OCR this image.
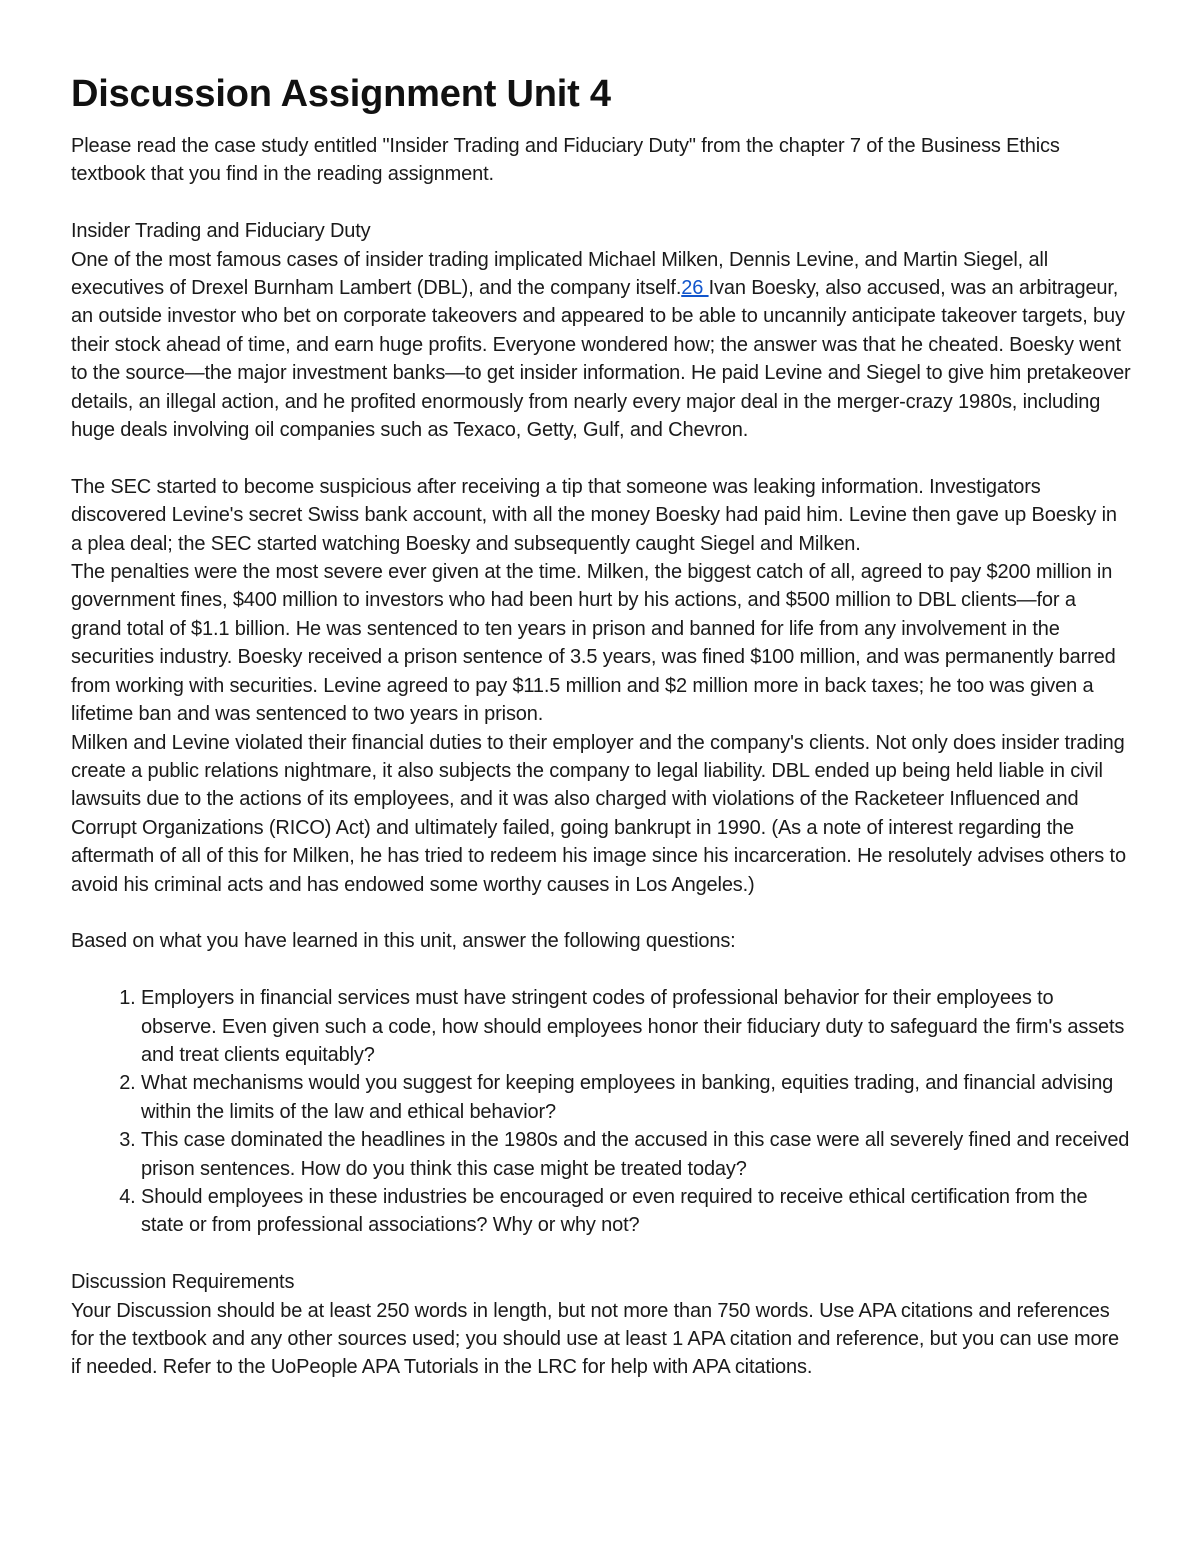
Discussion Assignment Unit 4

Please read the case study entitled "Insider Trading and Fiduciary Duty" from the chapter 7 of the Business Ethics textbook that you find in the reading assignment.

Insider Trading and Fiduciary Duty

One of the most famous cases of insider trading implicated Michael Milken, Dennis Levine, and Martin Siegel, all executives of Drexel Burnham Lambert (DBL), and the company itself.26 Ivan Boesky, also accused, was an arbitrageur, an outside investor who bet on corporate takeovers and appeared to be able to uncannily anticipate takeover targets, buy their stock ahead of time, and earn huge profits. Everyone wondered how; the answer was that he cheated. Boesky went to the source—the major investment banks—to get insider information. He paid Levine and Siegel to give him pretakeover details, an illegal action, and he profited enormously from nearly every major deal in the merger-crazy 1980s, including huge deals involving oil companies such as Texaco, Getty, Gulf, and Chevron.

The SEC started to become suspicious after receiving a tip that someone was leaking information. Investigators discovered Levine's secret Swiss bank account, with all the money Boesky had paid him. Levine then gave up Boesky in a plea deal; the SEC started watching Boesky and subsequently caught Siegel and Milken.

The penalties were the most severe ever given at the time. Milken, the biggest catch of all, agreed to pay $200 million in government fines, $400 million to investors who had been hurt by his actions, and $500 million to DBL clients—for a grand total of $1.1 billion. He was sentenced to ten years in prison and banned for life from any involvement in the securities industry. Boesky received a prison sentence of 3.5 years, was fined $100 million, and was permanently barred from working with securities. Levine agreed to pay $11.5 million and $2 million more in back taxes; he too was given a lifetime ban and was sentenced to two years in prison.

Milken and Levine violated their financial duties to their employer and the company's clients. Not only does insider trading create a public relations nightmare, it also subjects the company to legal liability. DBL ended up being held liable in civil lawsuits due to the actions of its employees, and it was also charged with violations of the Racketeer Influenced and Corrupt Organizations (RICO) Act) and ultimately failed, going bankrupt in 1990. (As a note of interest regarding the aftermath of all of this for Milken, he has tried to redeem his image since his incarceration. He resolutely advises others to avoid his criminal acts and has endowed some worthy causes in Los Angeles.)

Based on what you have learned in this unit, answer the following questions:

1. Employers in financial services must have stringent codes of professional behavior for their employees to observe. Even given such a code, how should employees honor their fiduciary duty to safeguard the firm's assets and treat clients equitably?
2. What mechanisms would you suggest for keeping employees in banking, equities trading, and financial advising within the limits of the law and ethical behavior?
3. This case dominated the headlines in the 1980s and the accused in this case were all severely fined and received prison sentences. How do you think this case might be treated today?
4. Should employees in these industries be encouraged or even required to receive ethical certification from the state or from professional associations? Why or why not?

Discussion Requirements

Your Discussion should be at least 250 words in length, but not more than 750 words. Use APA citations and references for the textbook and any other sources used; you should use at least 1 APA citation and reference, but you can use more if needed. Refer to the UoPeople APA Tutorials in the LRC for help with APA citations.
